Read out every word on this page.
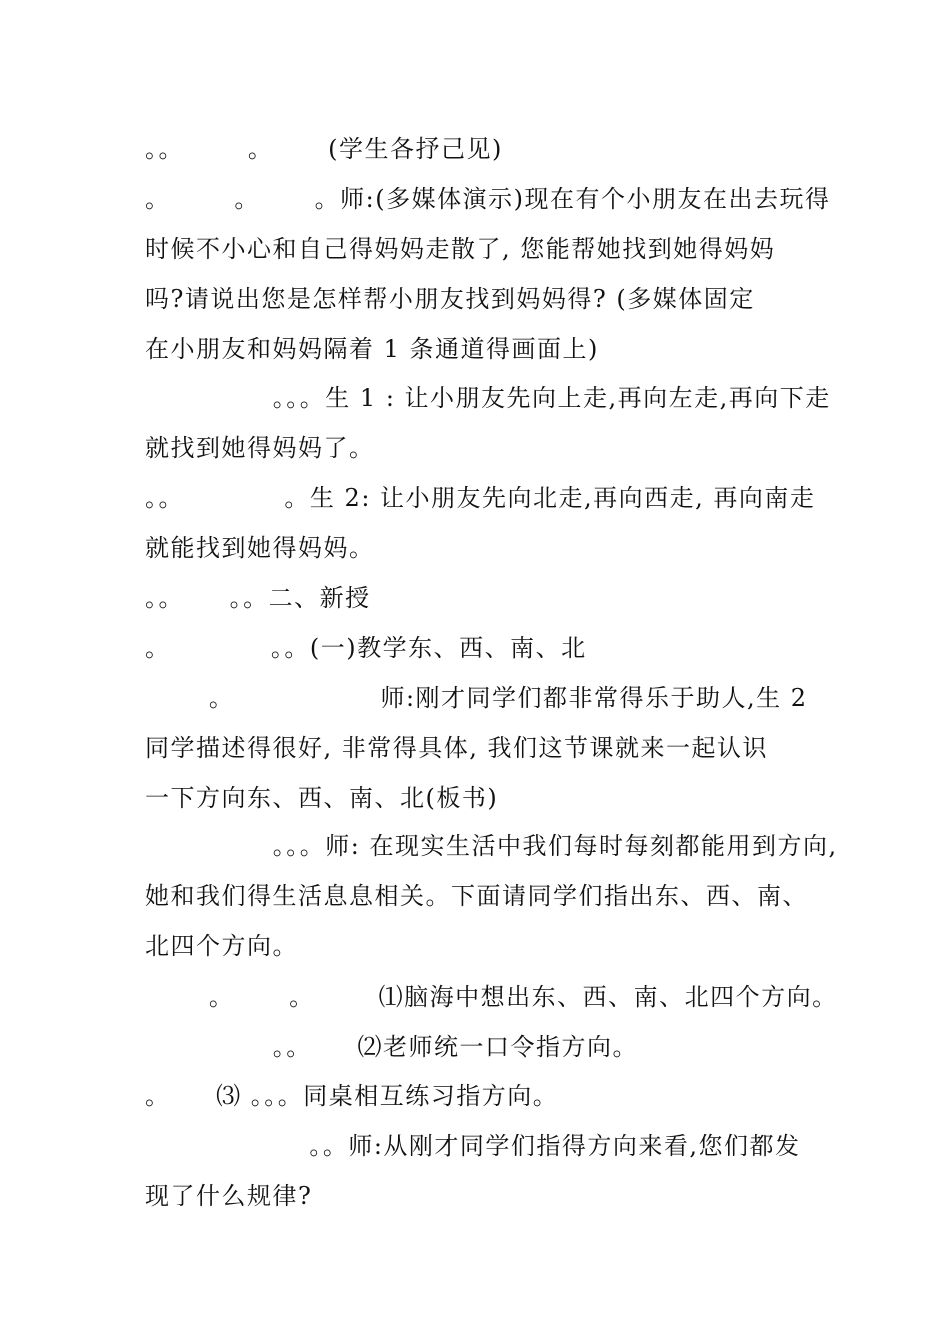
。。       。      (学生各抒己见)
。       。      。师:(多媒体演示)现在有个小朋友在出去玩得
时候不小心和自己得妈妈走散了, 您能帮她找到她得妈妈
吗?请说出您是怎样帮小朋友找到妈妈得? (多媒体固定
在小朋友和妈妈隔着 1 条通道得画面上)
。。。生 1 : 让小朋友先向上走,再向左走,再向下走
就找到她得妈妈了。
。。           。生 2: 让小朋友先向北走,再向西走, 再向南走
就能找到她得妈妈。
。。     。。二、新授
。           。。(一)教学东、西、南、北
。                师:刚才同学们都非常得乐于助人,生 2
同学描述得很好, 非常得具体, 我们这节课就来一起认识
一下方向东、西、南、北(板书)
。。。师: 在现实生活中我们每时每刻都能用到方向,
她和我们得生活息息相关。下面请同学们指出东、西、南、
北四个方向。
。      。       ⑴脑海中想出东、西、南、北四个方向。
。。     ⑵老师统一口令指方向。
。     ⑶ 。。。同桌相互练习指方向。
。。师:从刚才同学们指得方向来看,您们都发
现了什么规律?
